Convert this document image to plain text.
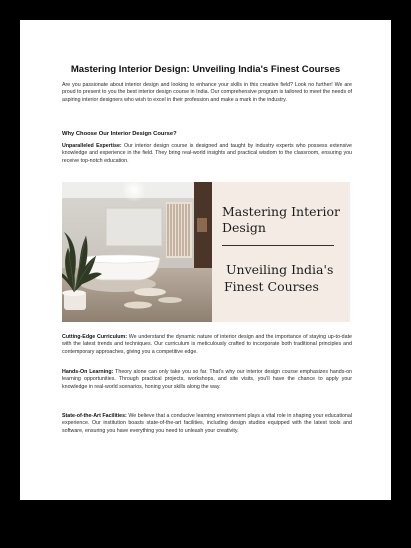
Mastering Interior Design: Unveiling India's Finest Courses

Are you passionate about interior design and looking to enhance your skills in this creative field? Look no further! We are proud to present to you the best interior design course in India. Our comprehensive program is tailored to meet the needs of aspiring interior designers who wish to excel in their profession and make a mark in the industry.

Why Choose Our Interior Design Course?

Unparalleled Expertise: Our interior design course is designed and taught by industry experts who possess extensive knowledge and experience in the field. They bring real-world insights and practical wisdom to the classroom, ensuring you receive top-notch education.

Mastering Interior
Design
Unveiling India's
Finest Courses

Cutting-Edge Curriculum: We understand the dynamic nature of interior design and the importance of staying up-to-date with the latest trends and techniques. Our curriculum is meticulously crafted to incorporate both traditional principles and contemporary approaches, giving you a competitive edge.

Hands-On Learning: Theory alone can only take you so far. That's why our interior design course emphasizes hands-on learning opportunities. Through practical projects, workshops, and site visits, you'll have the chance to apply your knowledge in real-world scenarios, honing your skills along the way.

State-of-the-Art Facilities: We believe that a conducive learning environment plays a vital role in shaping your educational experience. Our institution boasts state-of-the-art facilities, including design studios equipped with the latest tools and software, ensuring you have everything you need to unleash your creativity.
